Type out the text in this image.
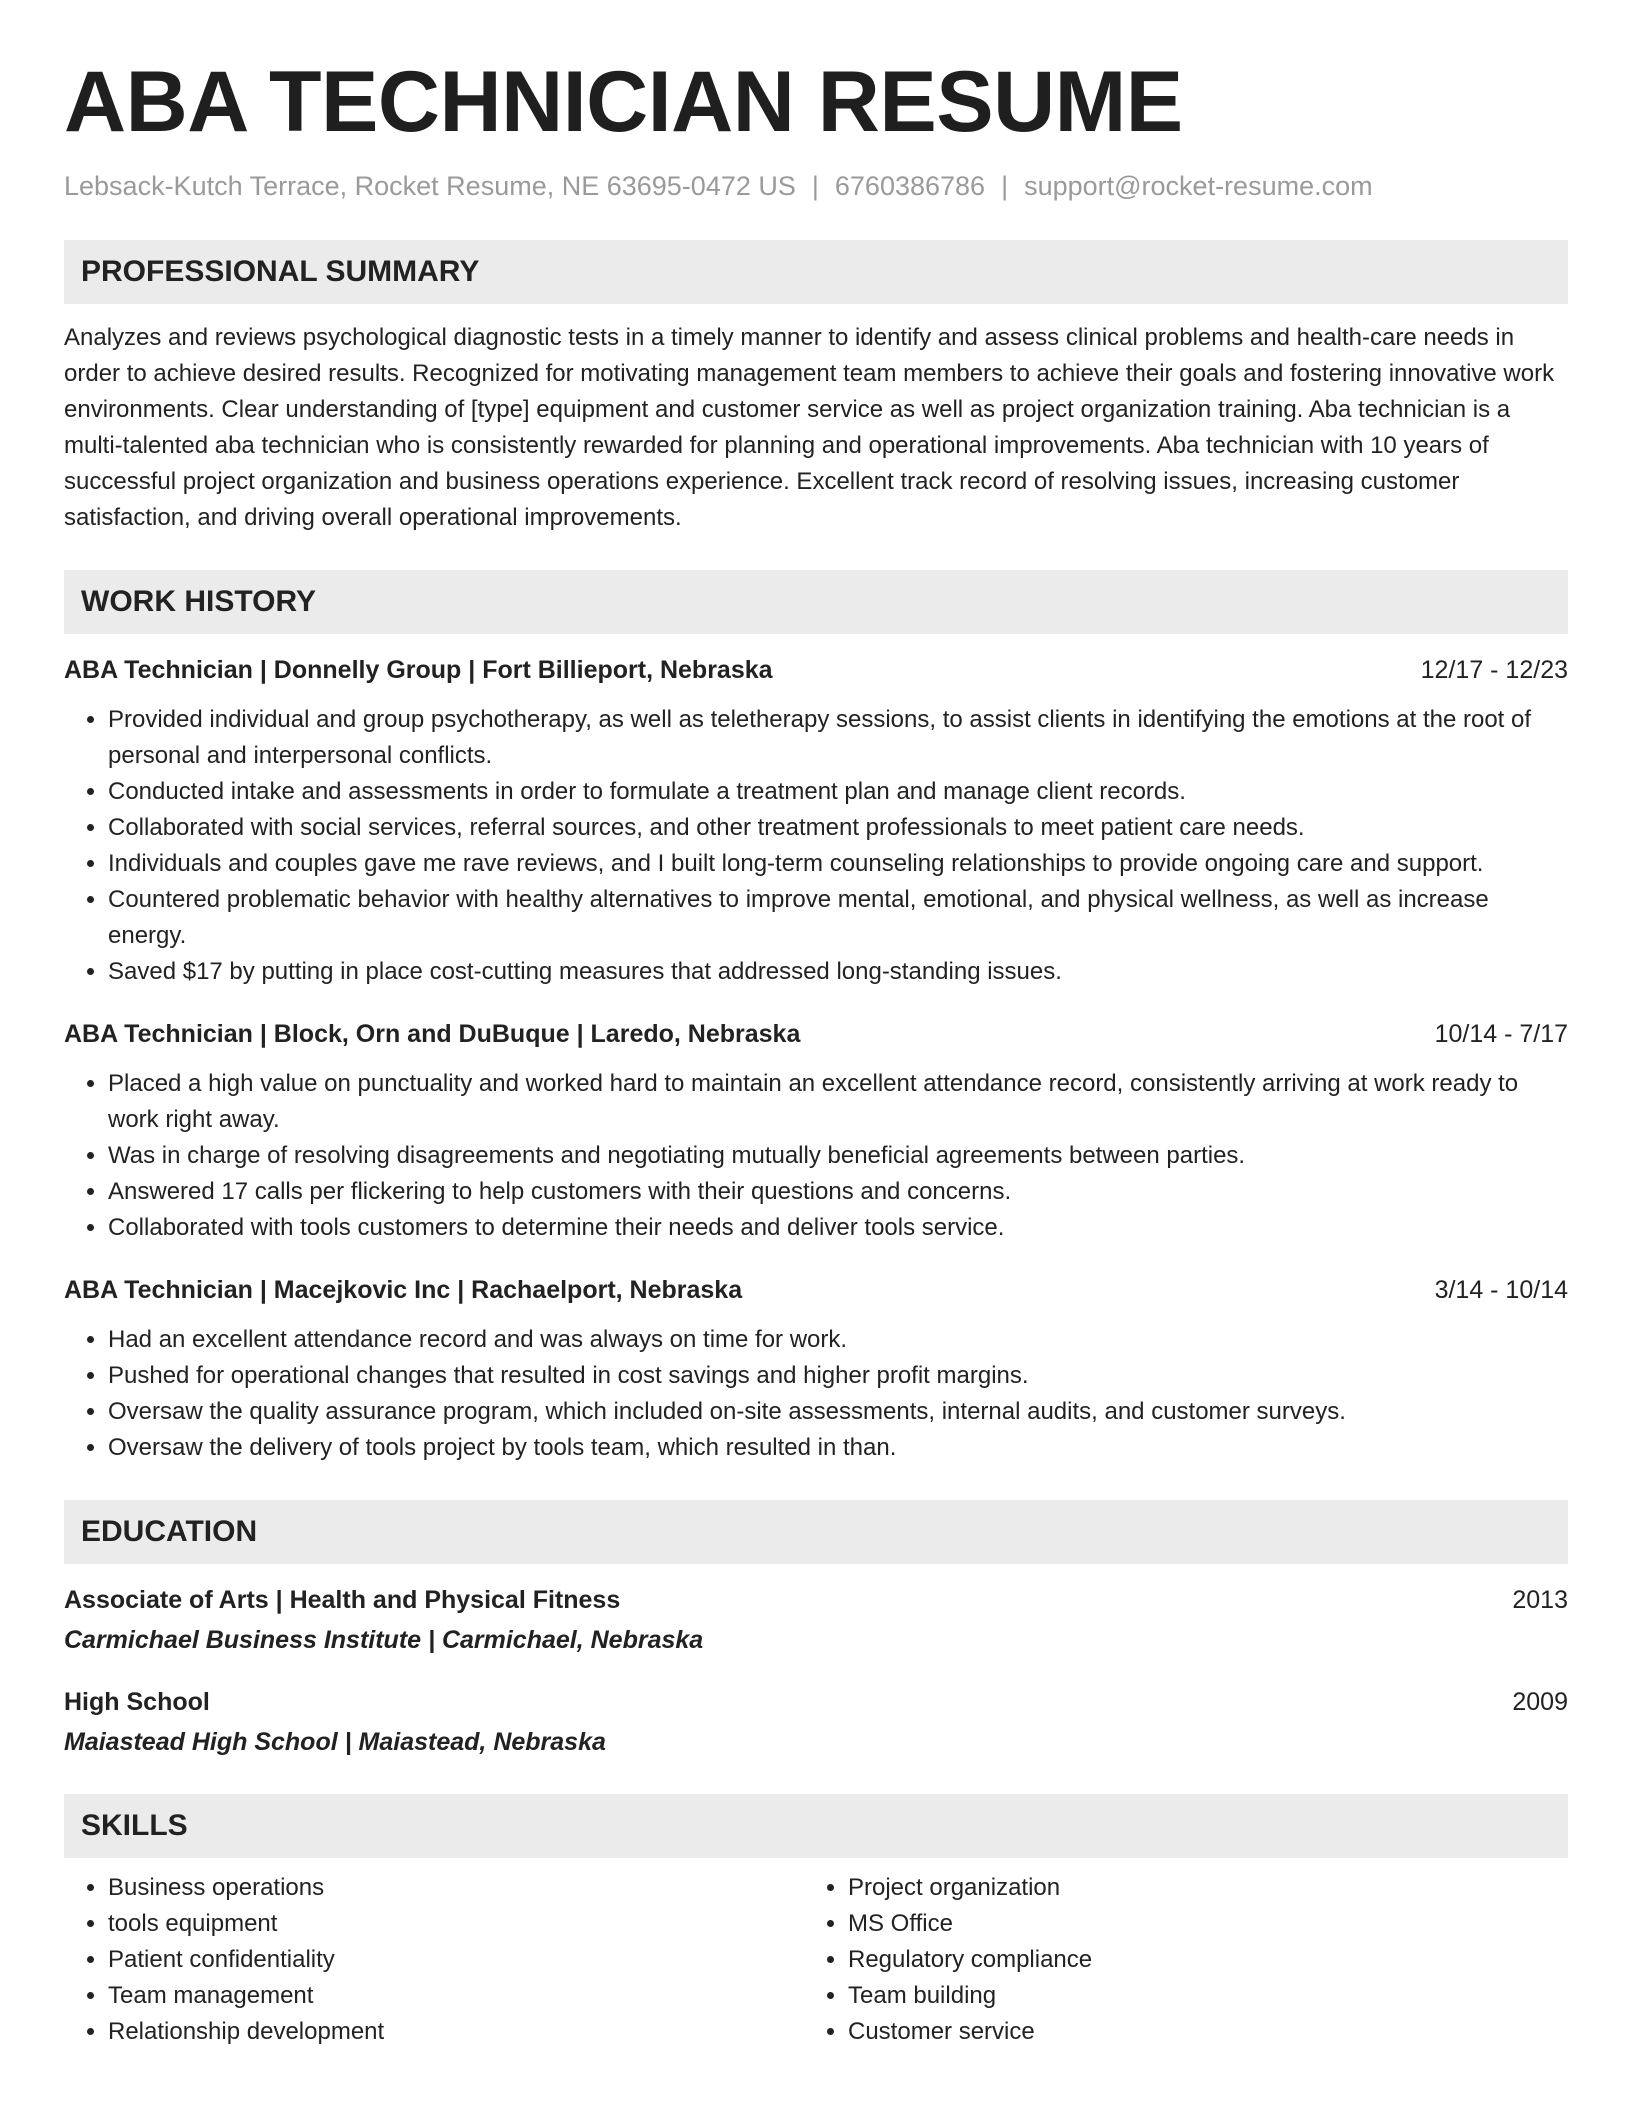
ABA TECHNICIAN RESUME
Lebsack-Kutch Terrace, Rocket Resume, NE 63695-0472 US | 6760386786 | support@rocket-resume.com
PROFESSIONAL SUMMARY
Analyzes and reviews psychological diagnostic tests in a timely manner to identify and assess clinical problems and health-care needs in order to achieve desired results. Recognized for motivating management team members to achieve their goals and fostering innovative work environments. Clear understanding of [type] equipment and customer service as well as project organization training. Aba technician is a multi-talented aba technician who is consistently rewarded for planning and operational improvements. Aba technician with 10 years of successful project organization and business operations experience. Excellent track record of resolving issues, increasing customer satisfaction, and driving overall operational improvements.
WORK HISTORY
ABA Technician | Donnelly Group | Fort Billieport, Nebraska	12/17 - 12/23
• Provided individual and group psychotherapy, as well as teletherapy sessions, to assist clients in identifying the emotions at the root of personal and interpersonal conflicts.
• Conducted intake and assessments in order to formulate a treatment plan and manage client records.
• Collaborated with social services, referral sources, and other treatment professionals to meet patient care needs.
• Individuals and couples gave me rave reviews, and I built long-term counseling relationships to provide ongoing care and support.
• Countered problematic behavior with healthy alternatives to improve mental, emotional, and physical wellness, as well as increase energy.
• Saved $17 by putting in place cost-cutting measures that addressed long-standing issues.
ABA Technician | Block, Orn and DuBuque | Laredo, Nebraska	10/14 - 7/17
• Placed a high value on punctuality and worked hard to maintain an excellent attendance record, consistently arriving at work ready to work right away.
• Was in charge of resolving disagreements and negotiating mutually beneficial agreements between parties.
• Answered 17 calls per flickering to help customers with their questions and concerns.
• Collaborated with tools customers to determine their needs and deliver tools service.
ABA Technician | Macejkovic Inc | Rachaelport, Nebraska	3/14 - 10/14
• Had an excellent attendance record and was always on time for work.
• Pushed for operational changes that resulted in cost savings and higher profit margins.
• Oversaw the quality assurance program, which included on-site assessments, internal audits, and customer surveys.
• Oversaw the delivery of tools project by tools team, which resulted in than.
EDUCATION
Associate of Arts | Health and Physical Fitness	2013
Carmichael Business Institute | Carmichael, Nebraska
High School	2009
Maiastead High School | Maiastead, Nebraska
SKILLS
• Business operations
• tools equipment
• Patient confidentiality
• Team management
• Relationship development
• Project organization
• MS Office
• Regulatory compliance
• Team building
• Customer service
